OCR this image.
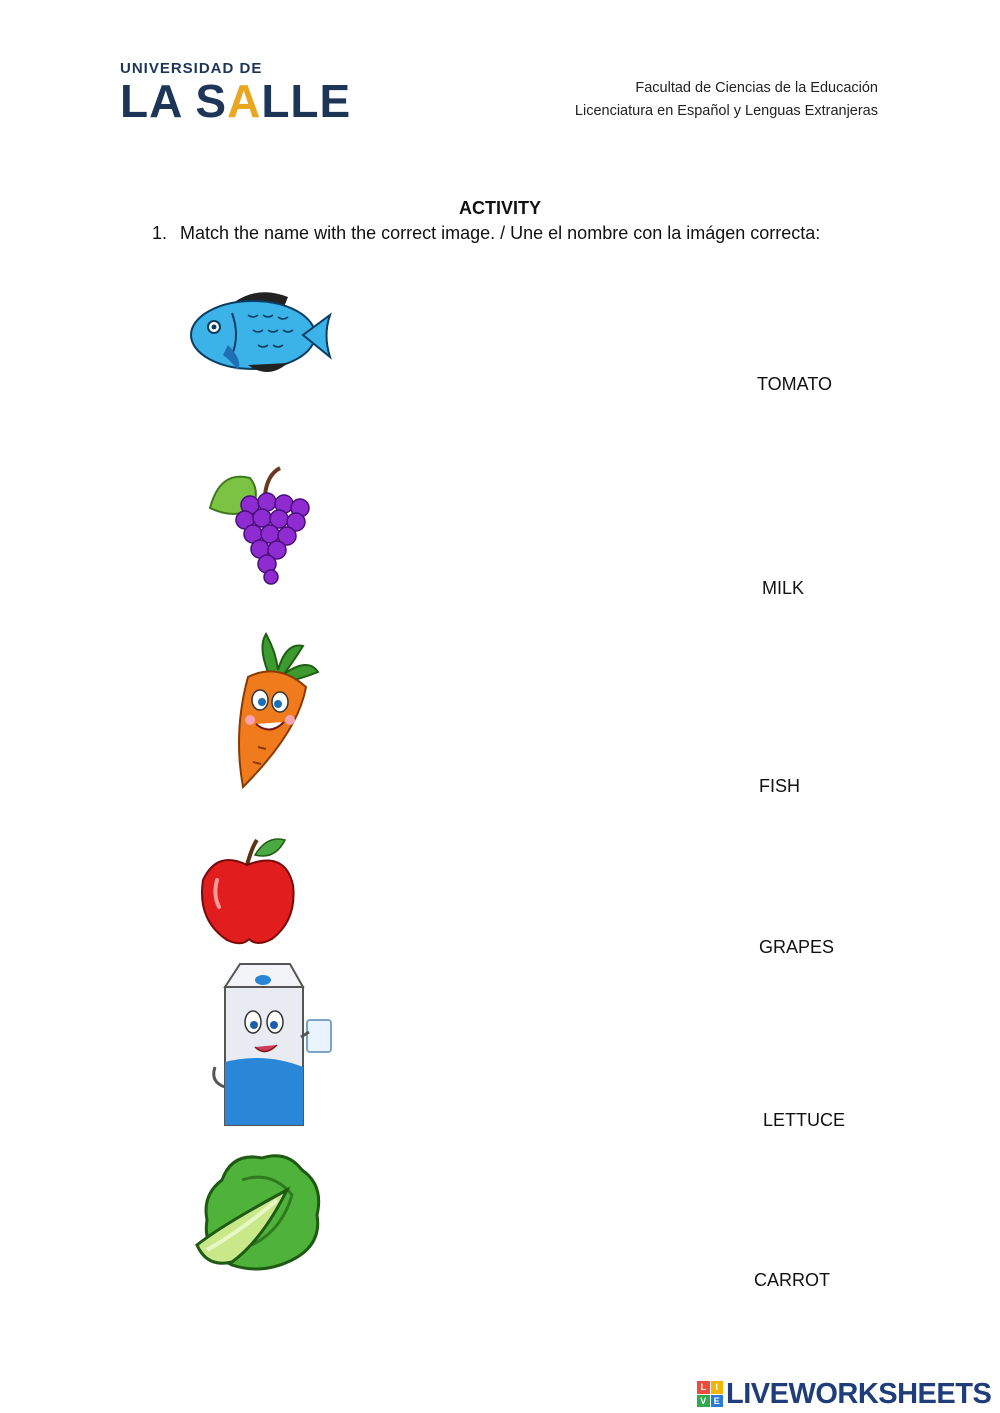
UNIVERSIDAD DE
LA SALLE	Facultad de Ciencias de la Educación
Licenciatura en Español y Lenguas Extranjeras
ACTIVITY
1. Match the name with the correct image. / Une el nombre con la imágen correcta:
TOMATO
MILK
FISH
GRAPES
LETTUCE
CARROT
L	I
V E LIVEWORKSHEETS
